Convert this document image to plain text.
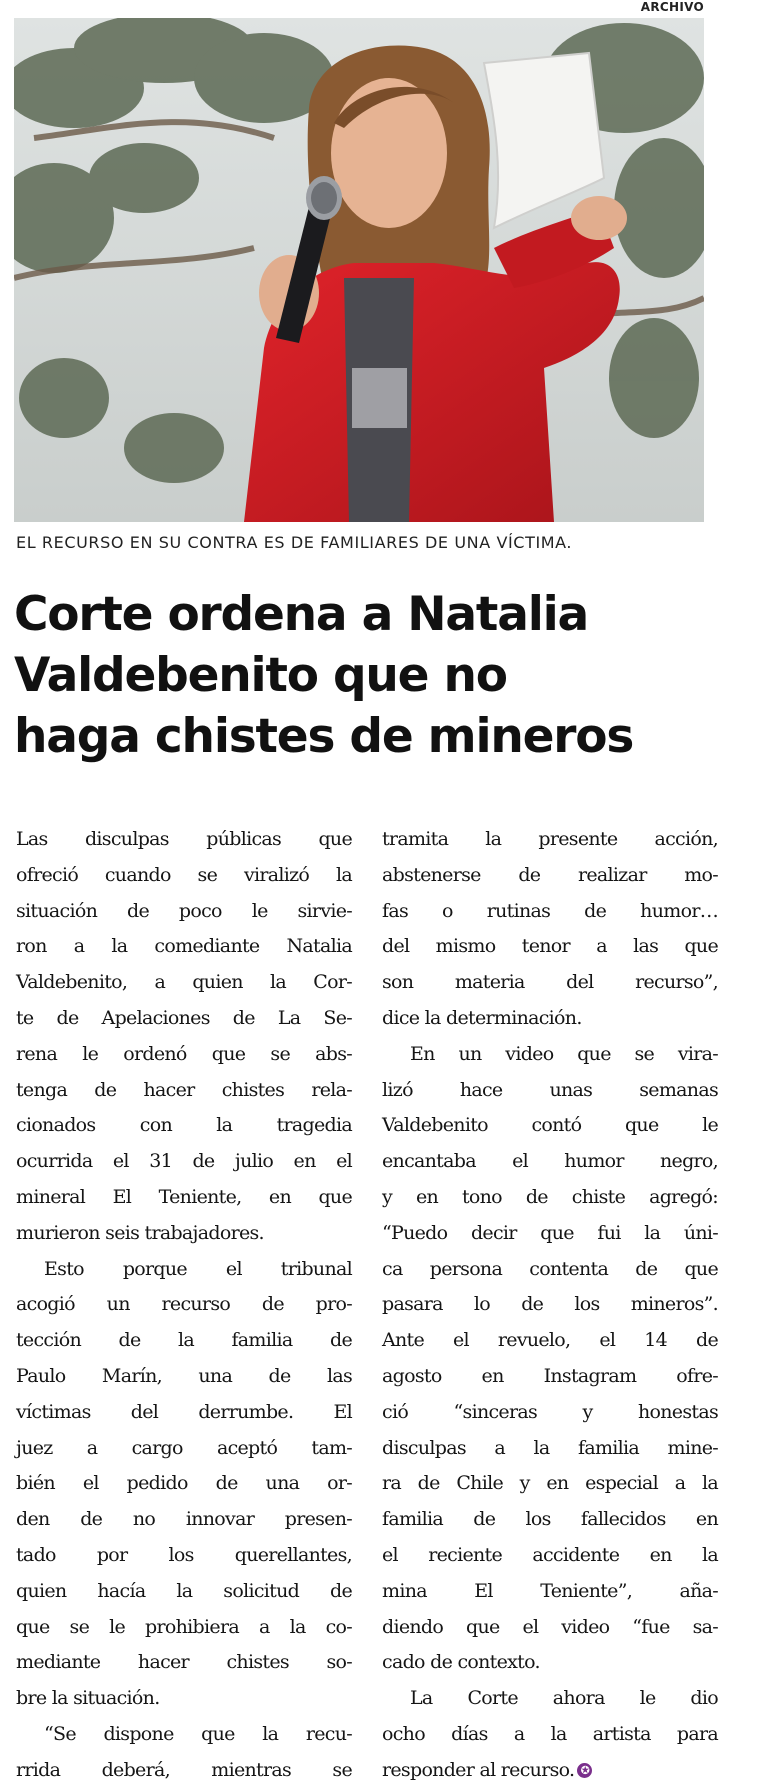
ARCHIVO
EL RECURSO EN SU CONTRA ES DE FAMILIARES DE UNA VÍCTIMA.
Corte ordena a Natalia
Valdebenito que no
haga chistes de mineros
Las disculpas públicas que
ofreció cuando se viralizó la
situación de poco le sirvie-
ron a la comediante Natalia
Valdebenito, a quien la Cor-
te de Apelaciones de La Se-
rena le ordenó que se abs-
tenga de hacer chistes rela-
cionados con la tragedia
ocurrida el 31 de julio en el
mineral El Teniente, en que
murieron seis trabajadores.
Esto porque el tribunal
acogió un recurso de pro-
tección de la familia de
Paulo Marín, una de las
víctimas del derrumbe. El
juez a cargo aceptó tam-
bién el pedido de una or-
den de no innovar presen-
tado por los querellantes,
quien hacía la solicitud de
que se le prohibiera a la co-
mediante hacer chistes so-
bre la situación.
“Se dispone que la recu-
rrida deberá, mientras se
tramita la presente acción,
abstenerse de realizar mo-
fas o rutinas de humor…
del mismo tenor a las que
son materia del recurso”,
dice la determinación.
En un video que se vira-
lizó hace unas semanas
Valdebenito contó que le
encantaba el humor negro,
y en tono de chiste agregó:
“Puedo decir que fui la úni-
ca persona contenta de que
pasara lo de los mineros”.
Ante el revuelo, el 14 de
agosto en Instagram ofre-
ció “sinceras y honestas
disculpas a la familia mine-
ra de Chile y en especial a la
familia de los fallecidos en
el reciente accidente en la
mina El Teniente”, aña-
diendo que el video “fue sa-
cado de contexto.
La Corte ahora le dio
ocho días a la artista para
responder al recurso. ✪
